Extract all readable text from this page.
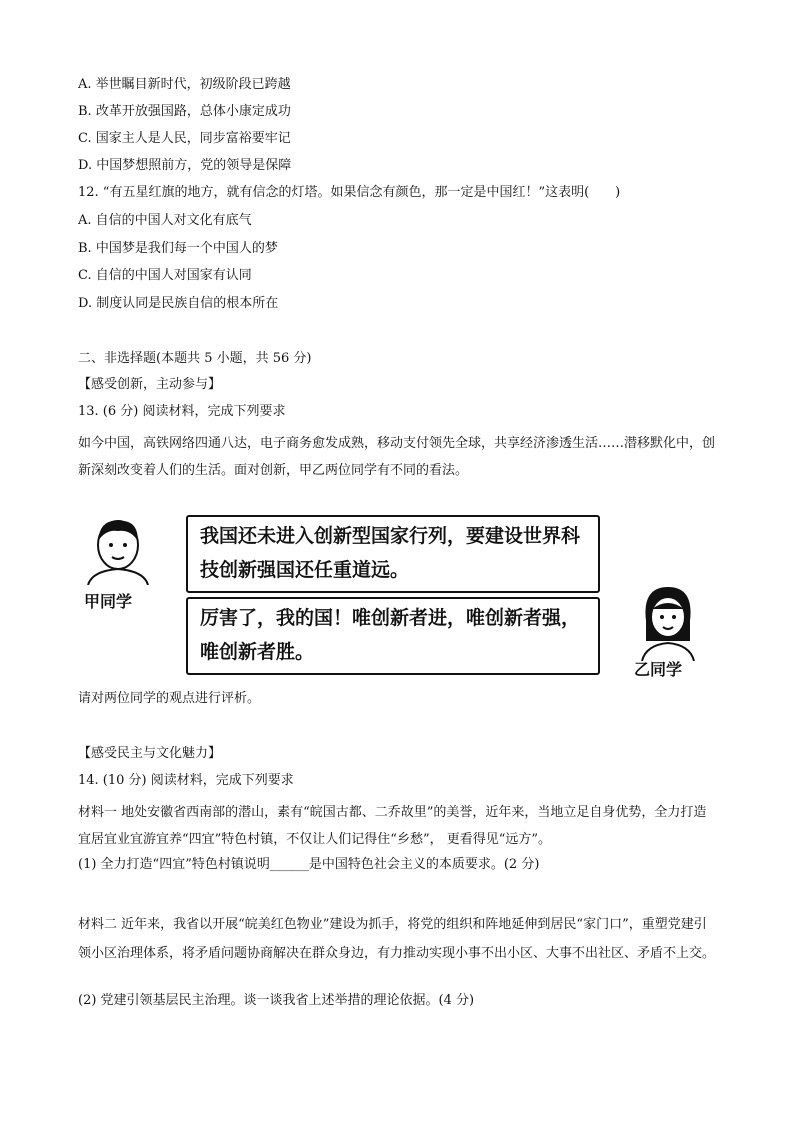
A. 举世瞩目新时代，初级阶段已跨越
B. 改革开放强国路，总体小康定成功
C. 国家主人是人民，同步富裕要牢记
D. 中国梦想照前方，党的领导是保障
12. “有五星红旗的地方，就有信念的灯塔。如果信念有颜色，那一定是中国红！”这表明(　　)
A. 自信的中国人对文化有底气
B. 中国梦是我们每一个中国人的梦
C. 自信的中国人对国家有认同
D. 制度认同是民族自信的根本所在
二、非选择题(本题共 5 小题，共 56 分)
【感受创新，主动参与】
13. (6 分) 阅读材料，完成下列要求
如今中国，高铁网络四通八达，电子商务愈发成熟，移动支付领先全球，共享经济渗透生活……潜移默化中，创新深刻改变着人们的生活。面对创新，甲乙两位同学有不同的看法。
甲同学
我国还未进入创新型国家行列，要建设世界科技创新强国还任重道远。
厉害了，我的国！唯创新者进，唯创新者强，唯创新者胜。
乙同学
请对两位同学的观点进行评析。
【感受民主与文化魅力】
14. (10 分) 阅读材料，完成下列要求
材料一 地处安徽省西南部的潜山，素有“皖国古都、二乔故里”的美誉，近年来，当地立足自身优势，全力打造宜居宜业宜游宜养“四宜”特色村镇，不仅让人们记得住“乡愁”， 更看得见“远方”。
(1) 全力打造“四宜”特色村镇说明______是中国特色社会主义的本质要求。(2 分)
材料二 近年来，我省以开展“皖美红色物业”建设为抓手，将党的组织和阵地延伸到居民“家门口”，重塑党建引领小区治理体系，将矛盾问题协商解决在群众身边，有力推动实现小事不出小区、大事不出社区、矛盾不上交。
(2) 党建引领基层民主治理。谈一谈我省上述举措的理论依据。(4 分)
